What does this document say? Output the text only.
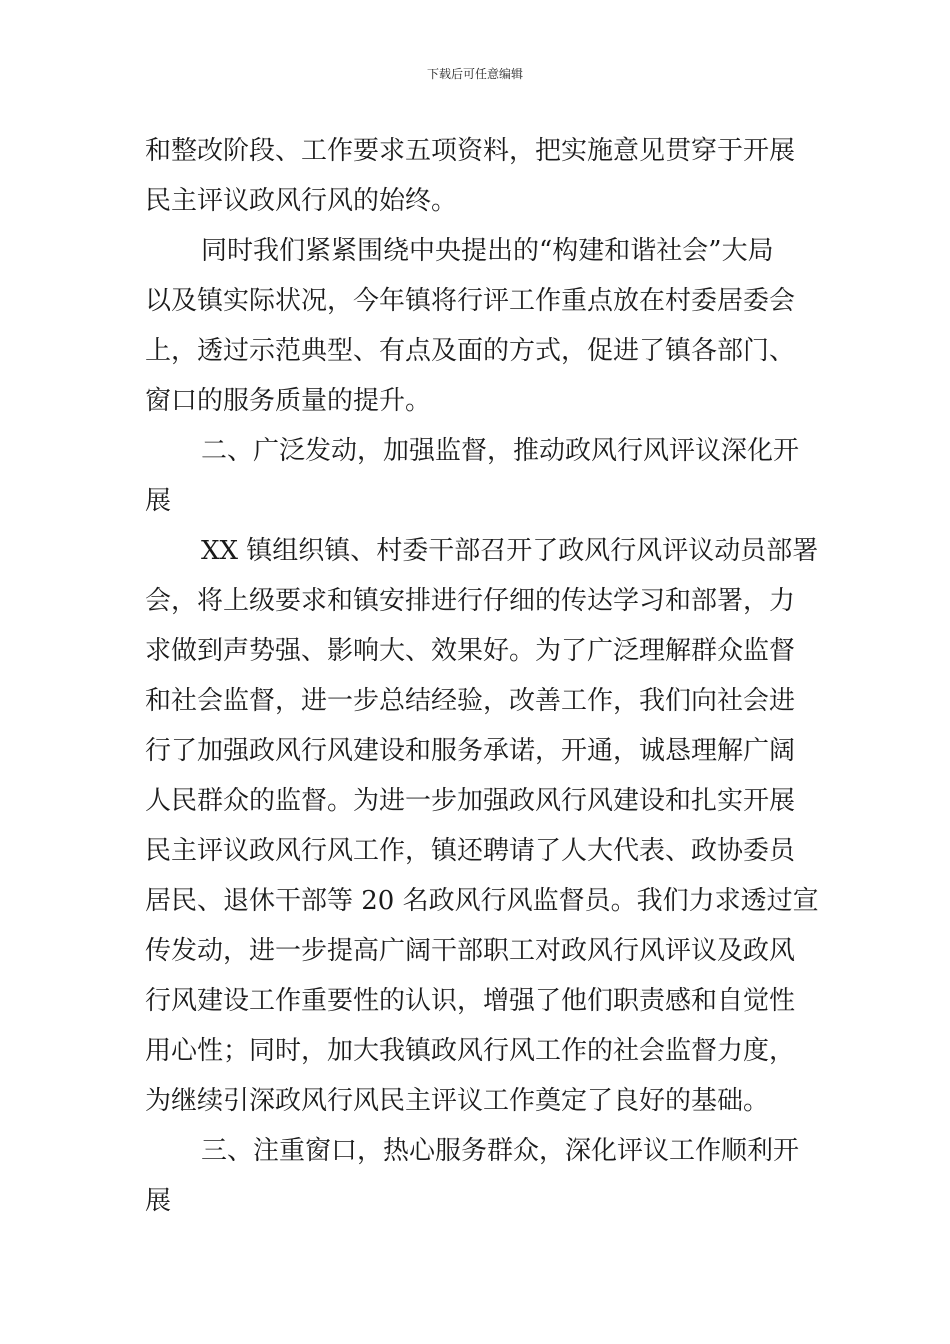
下载后可任意编辑
和整改阶段、工作要求五项资料，把实施意见贯穿于开展
民主评议政风行风的始终。
同时我们紧紧围绕中央提出的“构建和谐社会”大局
以及镇实际状况，今年镇将行评工作重点放在村委居委会
上，透过示范典型、有点及面的方式，促进了镇各部门、
窗口的服务质量的提升。
二、广泛发动，加强监督，推动政风行风评议深化开
展
XX 镇组织镇、村委干部召开了政风行风评议动员部署
会，将上级要求和镇安排进行仔细的传达学习和部署，力
求做到声势强、影响大、效果好。为了广泛理解群众监督
和社会监督，进一步总结经验，改善工作，我们向社会进
行了加强政风行风建设和服务承诺，开通，诚恳理解广阔
人民群众的监督。为进一步加强政风行风建设和扎实开展
民主评议政风行风工作，镇还聘请了人大代表、政协委员
居民、退休干部等 20 名政风行风监督员。我们力求透过宣
传发动，进一步提高广阔干部职工对政风行风评议及政风
行风建设工作重要性的认识，增强了他们职责感和自觉性
用心性；同时，加大我镇政风行风工作的社会监督力度，
为继续引深政风行风民主评议工作奠定了良好的基础。
三、注重窗口，热心服务群众，深化评议工作顺利开
展
